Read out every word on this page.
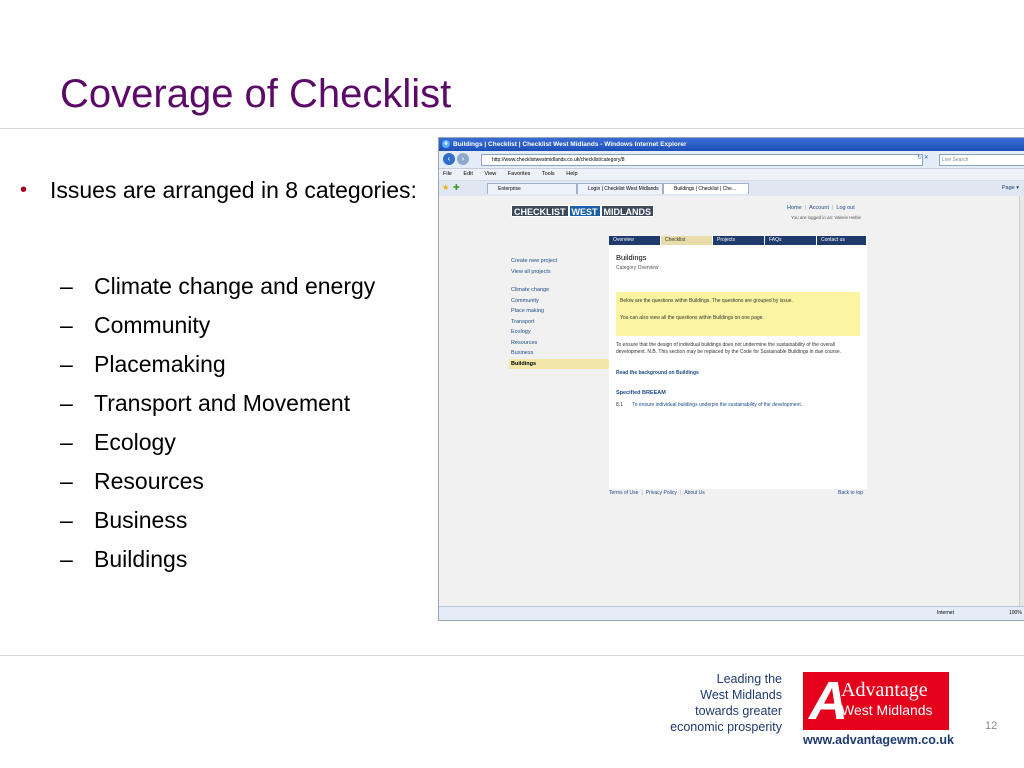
Coverage of Checklist
• Issues are arranged in 8 categories:
– Climate change and energy
– Community
– Placemaking
– Transport and Movement
– Ecology
– Resources
– Business
– Buildings
e Buildings | Checklist | Checklist West Midlands - Windows Internet Explorer
‹	›	http://www.checklistwestmidlands.co.uk/checklist/category/8	↻ ✕	Live Search
File Edit View Favorites Tools Help
★ ✚	Enterprise	Login | Checklist West Midlands	Buildings | Checklist | Che...	Page ▾
CHECKLIST WEST MIDLANDS	Home | Account | Log out
You are logged in as: Valerie Heble
Overview	Checklist	Projects	FAQs	Contact us
Create new project
View all projects
Climate change
Community
Place making
Transport
Ecology
Resources
Business
Buildings
Buildings
Category Overview
Below are the questions within Buildings. The questions are grouped by issue.
You can also view all the questions within Buildings on one page.
To ensure that the design of individual buildings does not undermine the sustainability of the overall development. N.B. This section may be replaced by the Code for Sustainable Buildings in due course.
Read the background on Buildings
Specified BREEAM
8.1 To ensure individual buildings underpin the sustainability of the development.
Terms of Use | Privacy Policy | About Us	Back to top
Internet	100%
Leading the
West Midlands
towards greater
economic prosperity A
Advantage
West Midlands
www.advantagewm.co.uk
12
